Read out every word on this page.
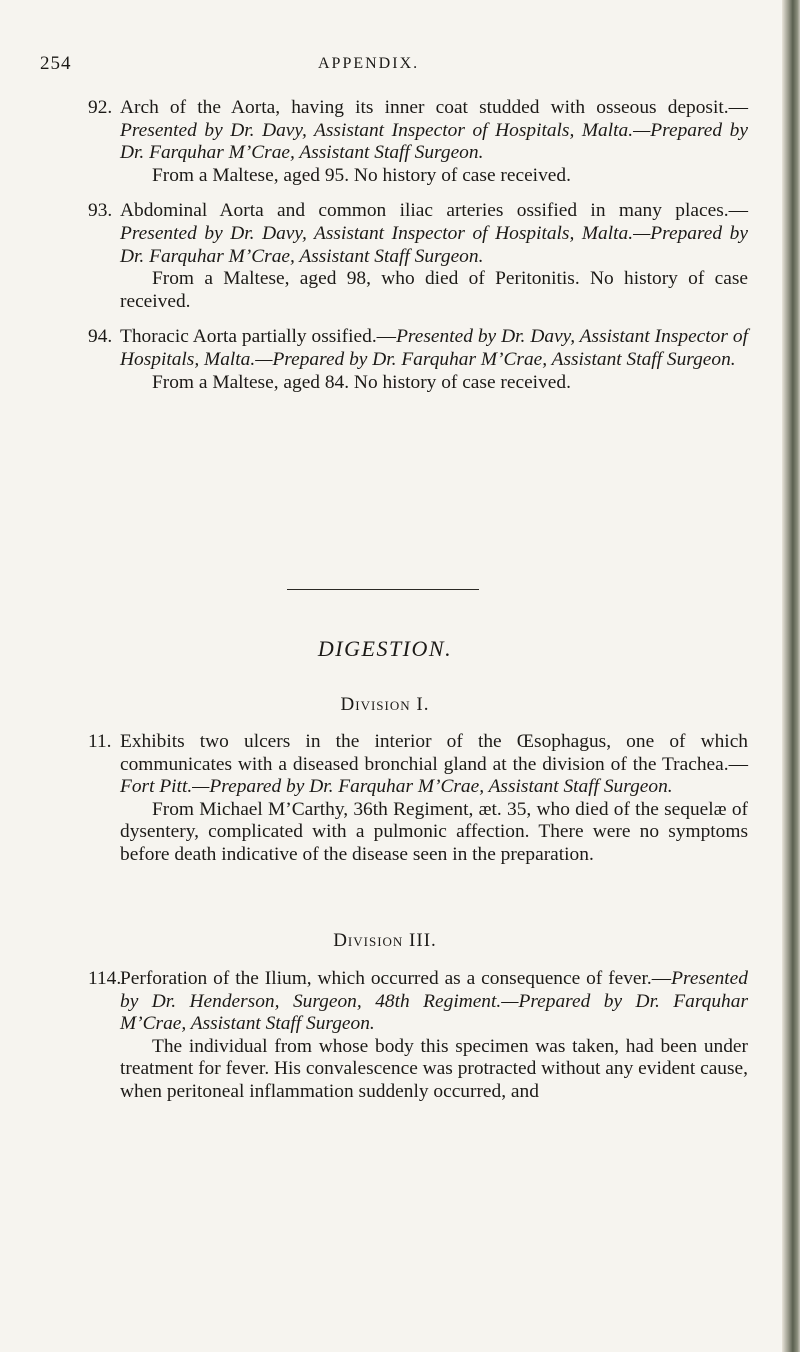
254	APPENDIX.
92. Arch of the Aorta, having its inner coat studded with osseous deposit.—Presented by Dr. Davy, Assistant Inspector of Hospitals, Malta.—Prepared by Dr. Farquhar M’Crae, Assistant Staff Surgeon.

From a Maltese, aged 95. No history of case received.

93. Abdominal Aorta and common iliac arteries ossified in many places.—Presented by Dr. Davy, Assistant Inspector of Hospitals, Malta.—Prepared by Dr. Farquhar M’Crae, Assistant Staff Surgeon.

From a Maltese, aged 98, who died of Peritonitis. No history of case received.

94. Thoracic Aorta partially ossified.—Presented by Dr. Davy, Assistant Inspector of Hospitals, Malta.—Prepared by Dr. Farquhar M’Crae, Assistant Staff Surgeon.

From a Maltese, aged 84. No history of case received.

DIGESTION.
Division I.
11. Exhibits two ulcers in the interior of the Œsophagus, one of which communicates with a diseased bronchial gland at the division of the Trachea.—Fort Pitt.—Prepared by Dr. Farquhar M’Crae, Assistant Staff Surgeon.

From Michael M’Carthy, 36th Regiment, æt. 35, who died of the sequelæ of dysentery, complicated with a pulmonic affection. There were no symptoms before death indicative of the disease seen in the preparation.

Division III.
114.Perforation of the Ilium, which occurred as a consequence of fever.—Presented by Dr. Henderson, Surgeon, 48th Regiment.—Prepared by Dr. Farquhar M’Crae, Assistant Staff Surgeon.

The individual from whose body this specimen was taken, had been under treatment for fever. His convalescence was protracted without any evident cause, when peritoneal inflammation suddenly occurred, and
